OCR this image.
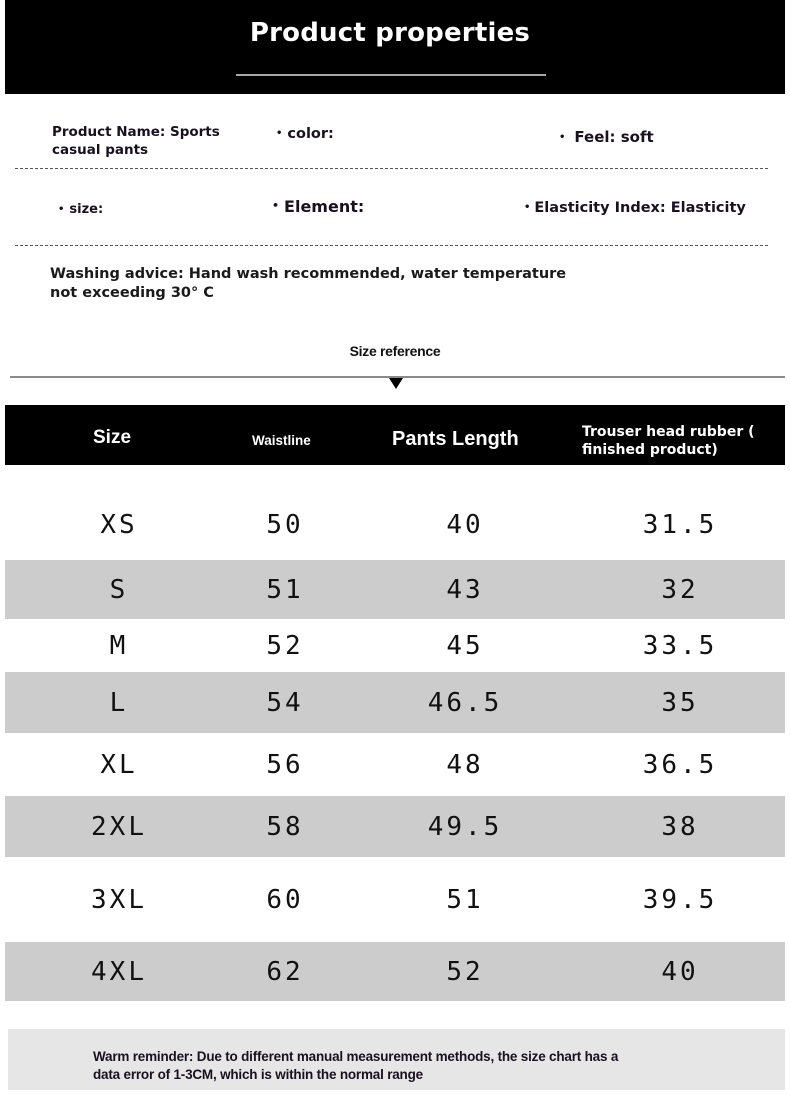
Product properties
Product Name: Sports
casual pants
• color:	• Feel: soft
• size:	• Element:	• Elasticity Index: Elasticity
Washing advice: Hand wash recommended, water temperature
not exceeding 30° C
Size reference
Size	Waistline	Pants Length	Trouser head rubber (
finished product)
XS	50	40	31.5
S	51	43	32
M	52	45	33.5
L	54	46.5	35
XL	56	48	36.5
2XL	58	49.5	38
3XL	60	51	39.5
4XL	62	52	40
Warm reminder: Due to different manual measurement methods, the size chart has a
data error of 1-3CM, which is within the normal range
